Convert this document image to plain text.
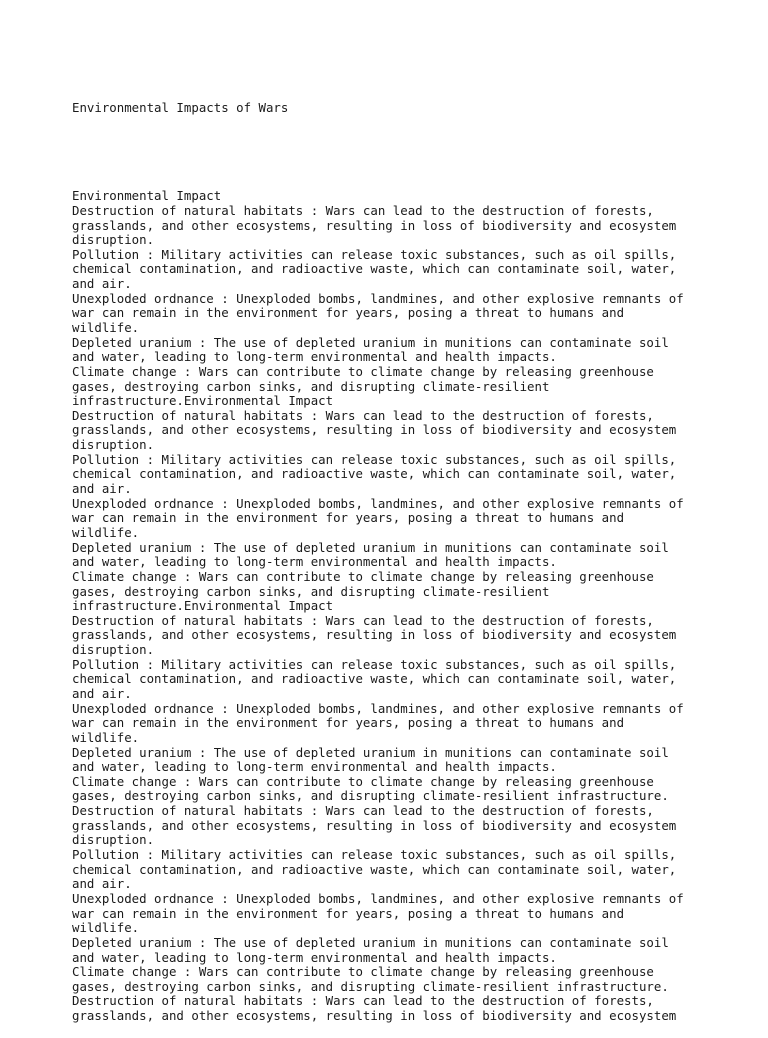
Environmental Impacts of Wars

Environmental Impact
Destruction of natural habitats : Wars can lead to the destruction of forests,
grasslands, and other ecosystems, resulting in loss of biodiversity and ecosystem
disruption.
Pollution : Military activities can release toxic substances, such as oil spills,
chemical contamination, and radioactive waste, which can contaminate soil, water,
and air.
Unexploded ordnance : Unexploded bombs, landmines, and other explosive remnants of
war can remain in the environment for years, posing a threat to humans and
wildlife.
Depleted uranium : The use of depleted uranium in munitions can contaminate soil
and water, leading to long-term environmental and health impacts.
Climate change : Wars can contribute to climate change by releasing greenhouse
gases, destroying carbon sinks, and disrupting climate-resilient
infrastructure.Environmental Impact
Destruction of natural habitats : Wars can lead to the destruction of forests,
grasslands, and other ecosystems, resulting in loss of biodiversity and ecosystem
disruption.
Pollution : Military activities can release toxic substances, such as oil spills,
chemical contamination, and radioactive waste, which can contaminate soil, water,
and air.
Unexploded ordnance : Unexploded bombs, landmines, and other explosive remnants of
war can remain in the environment for years, posing a threat to humans and
wildlife.
Depleted uranium : The use of depleted uranium in munitions can contaminate soil
and water, leading to long-term environmental and health impacts.
Climate change : Wars can contribute to climate change by releasing greenhouse
gases, destroying carbon sinks, and disrupting climate-resilient
infrastructure.Environmental Impact
Destruction of natural habitats : Wars can lead to the destruction of forests,
grasslands, and other ecosystems, resulting in loss of biodiversity and ecosystem
disruption.
Pollution : Military activities can release toxic substances, such as oil spills,
chemical contamination, and radioactive waste, which can contaminate soil, water,
and air.
Unexploded ordnance : Unexploded bombs, landmines, and other explosive remnants of
war can remain in the environment for years, posing a threat to humans and
wildlife.
Depleted uranium : The use of depleted uranium in munitions can contaminate soil
and water, leading to long-term environmental and health impacts.
Climate change : Wars can contribute to climate change by releasing greenhouse
gases, destroying carbon sinks, and disrupting climate-resilient infrastructure.
Destruction of natural habitats : Wars can lead to the destruction of forests,
grasslands, and other ecosystems, resulting in loss of biodiversity and ecosystem
disruption.
Pollution : Military activities can release toxic substances, such as oil spills,
chemical contamination, and radioactive waste, which can contaminate soil, water,
and air.
Unexploded ordnance : Unexploded bombs, landmines, and other explosive remnants of
war can remain in the environment for years, posing a threat to humans and
wildlife.
Depleted uranium : The use of depleted uranium in munitions can contaminate soil
and water, leading to long-term environmental and health impacts.
Climate change : Wars can contribute to climate change by releasing greenhouse
gases, destroying carbon sinks, and disrupting climate-resilient infrastructure.
Destruction of natural habitats : Wars can lead to the destruction of forests,
grasslands, and other ecosystems, resulting in loss of biodiversity and ecosystem
